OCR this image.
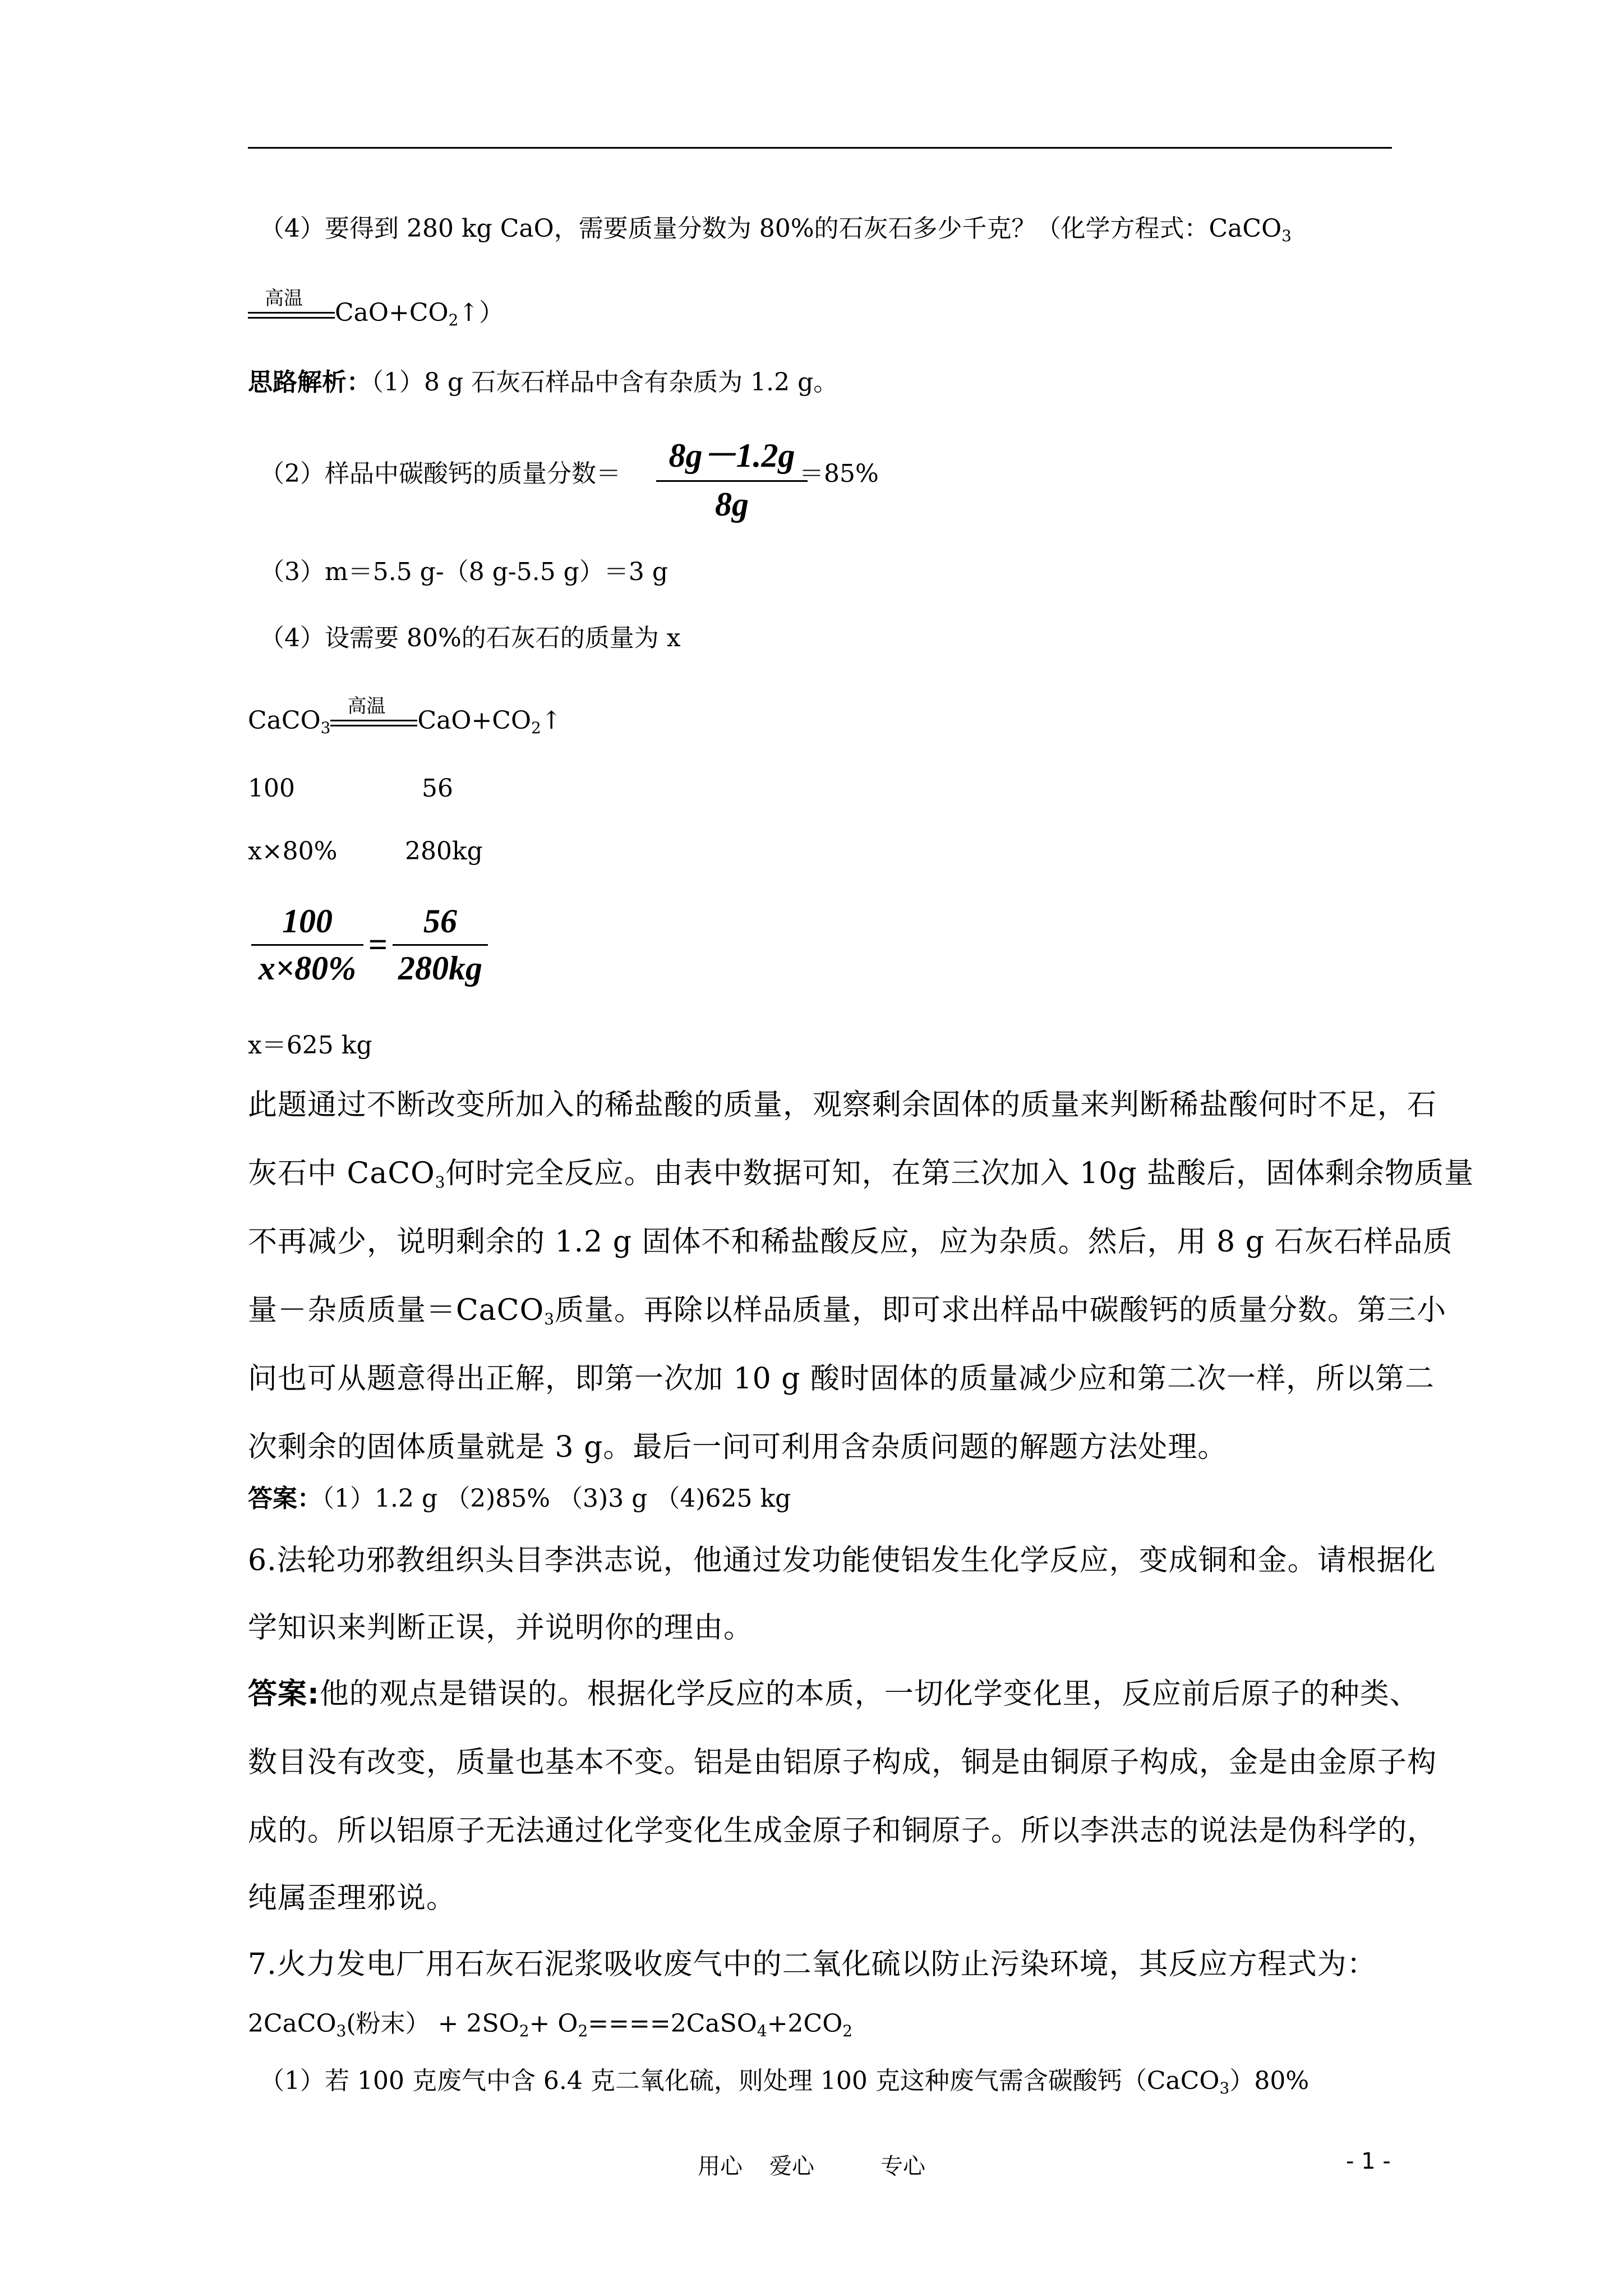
（4）要得到 280 kg CaO，需要质量分数为 80%的石灰石多少千克？（化学方程式：CaCO$_3$
高温 $CaO+CO_2↑$）
思路解析：（1）8 g 石灰石样品中含有杂质为 1.2 g。
（2）样品中碳酸钙的质量分数＝	＝85%
8g－1.2g
8g
（3）m＝5.5 g-（8 g-5.5 g）＝3 g
（4）设需要 80%的石灰石的质量为 x
CaCO$_3$
高温 $CaO+CO_2↑$
100	56
x×80%	280kg
100
x×80%
=
56
280kg
x＝625 kg
此题通过不断改变所加入的稀盐酸的质量，观察剩余固体的质量来判断稀盐酸何时不足，石
灰石中 CaCO$_3$何时完全反应。由表中数据可知，在第三次加入 10g 盐酸后，固体剩余物质量
不再减少，说明剩余的 1.2 g 固体不和稀盐酸反应，应为杂质。然后，用 8 g 石灰石样品质
量－杂质质量＝CaCO$_3$质量。再除以样品质量，即可求出样品中碳酸钙的质量分数。第三小
问也可从题意得出正解，即第一次加 10 g 酸时固体的质量减少应和第二次一样，所以第二
次剩余的固体质量就是 3 g。最后一问可利用含杂质问题的解题方法处理。
答案：（1）1.2 g （2)85% （3)3 g （4)625 kg
6.法轮功邪教组织头目李洪志说，他通过发功能使铝发生化学反应，变成铜和金。请根据化
学知识来判断正误，并说明你的理由。
答案:他的观点是错误的。根据化学反应的本质，一切化学变化里，反应前后原子的种类、
数目没有改变，质量也基本不变。铝是由铝原子构成，铜是由铜原子构成，金是由金原子构
成的。所以铝原子无法通过化学变化生成金原子和铜原子。所以李洪志的说法是伪科学的，
纯属歪理邪说。
7.火力发电厂用石灰石泥浆吸收废气中的二氧化硫以防止污染环境，其反应方程式为：
2CaCO$_3$(粉末） + $2SO_2+$ $O_2====2CaSO_4+2CO_2$
（1）若 100 克废气中含 6.4 克二氧化硫，则处理 100 克这种废气需含碳酸钙（CaCO$_3$）80%
用心 爱心	专心	- 1 -
